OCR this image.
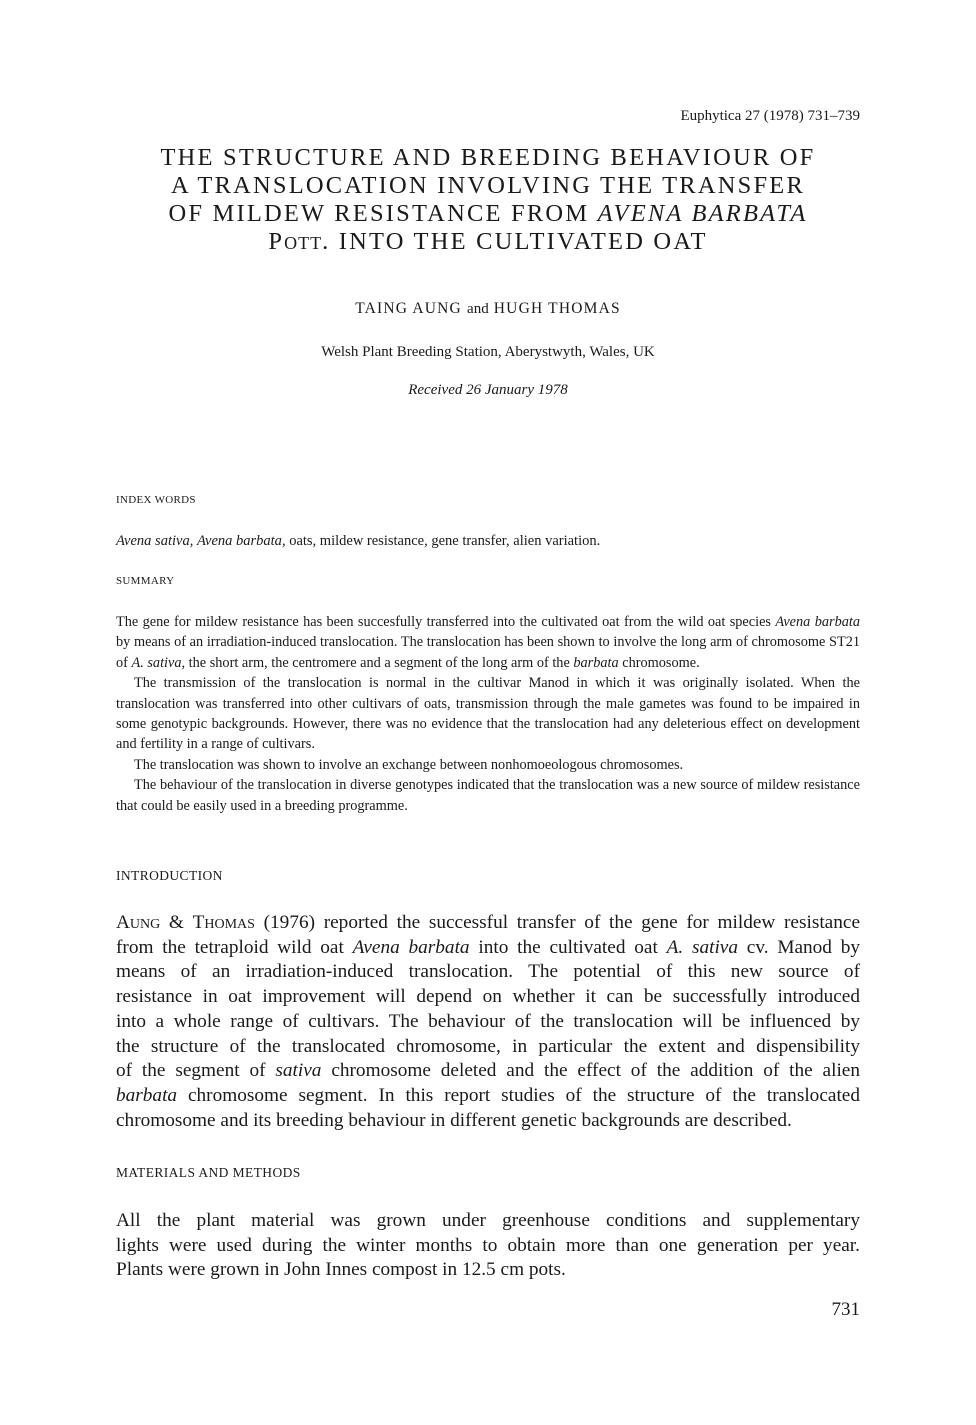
Euphytica 27 (1978) 731–739
THE STRUCTURE AND BREEDING BEHAVIOUR OF
A TRANSLOCATION INVOLVING THE TRANSFER
OF MILDEW RESISTANCE FROM AVENA BARBATA
POTT. INTO THE CULTIVATED OAT
TAING AUNG and HUGH THOMAS
Welsh Plant Breeding Station, Aberystwyth, Wales, UK
Received 26 January 1978
INDEX WORDS
Avena sativa, Avena barbata, oats, mildew resistance, gene transfer, alien variation.
SUMMARY

The gene for mildew resistance has been succesfully transferred into the cultivated oat from the wild oat species Avena barbata by means of an irradiation-induced translocation. The translocation has been shown to involve the long arm of chromosome ST21 of A. sativa, the short arm, the centromere and a segment of the long arm of the barbata chromosome.

The transmission of the translocation is normal in the cultivar Manod in which it was originally isolated. When the translocation was transferred into other cultivars of oats, transmission through the male gametes was found to be impaired in some genotypic backgrounds. However, there was no evidence that the translocation had any deleterious effect on development and fertility in a range of cultivars.

The translocation was shown to involve an exchange between nonhomoeologous chromosomes.

The behaviour of the translocation in diverse genotypes indicated that the translocation was a new source of mildew resistance that could be easily used in a breeding programme.

INTRODUCTION
Aung & Thomas (1976) reported the successful transfer of the gene for mildew resistance
from the tetraploid wild oat Avena barbata into the cultivated oat A. sativa cv. Manod by
means of an irradiation-induced translocation. The potential of this new source of
resistance in oat improvement will depend on whether it can be successfully introduced
into a whole range of cultivars. The behaviour of the translocation will be influenced by
the structure of the translocated chromosome, in particular the extent and dispensibility
of the segment of sativa chromosome deleted and the effect of the addition of the alien
barbata chromosome segment. In this report studies of the structure of the translocated
chromosome and its breeding behaviour in different genetic backgrounds are described.
MATERIALS AND METHODS
All the plant material was grown under greenhouse conditions and supplementary
lights were used during the winter months to obtain more than one generation per year.
Plants were grown in John Innes compost in 12.5 cm pots.
731
